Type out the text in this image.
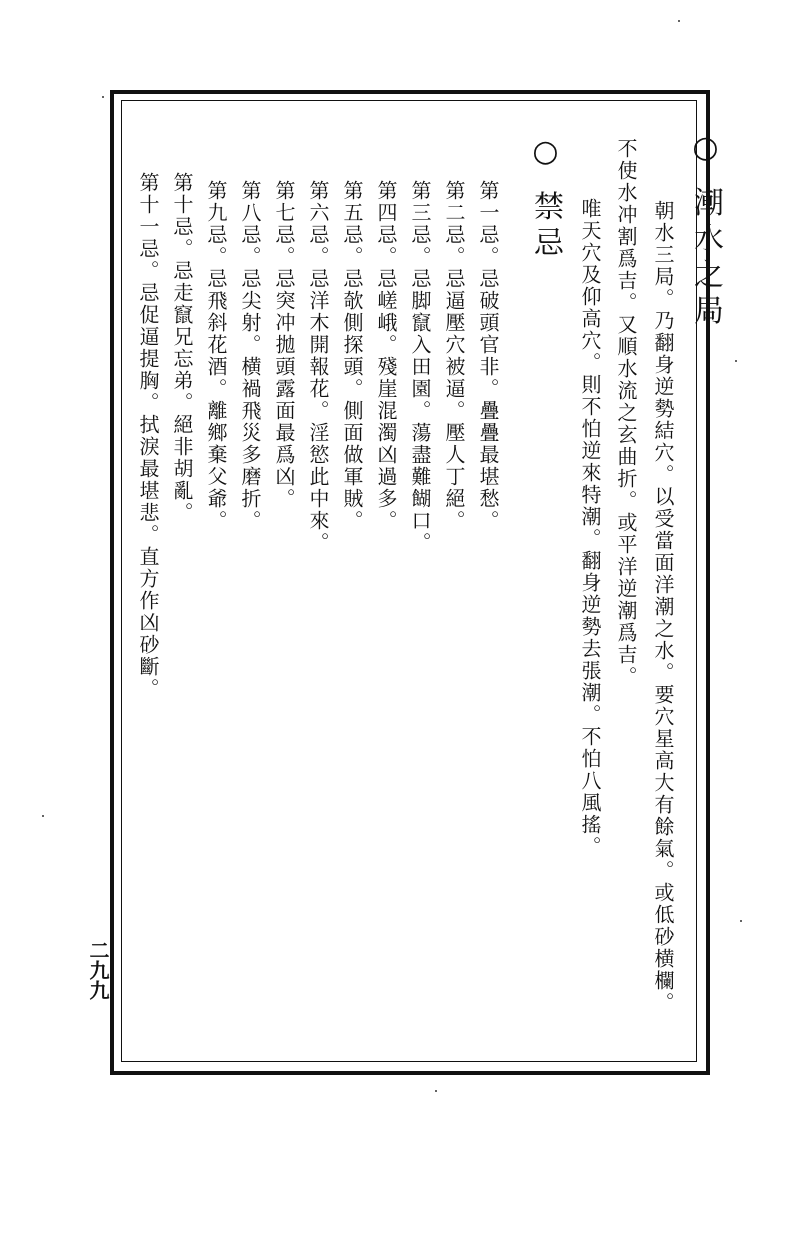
○ 潮水之局
朝水三局。乃翻身逆勢結穴。以受當面洋潮之水。要穴星高大有餘氣。或低砂横欄。
不使水冲割爲吉。又順水流之玄曲折。或平洋逆潮爲吉。
唯天穴及仰高穴。則不怕逆來特潮。翻身逆勢去張潮。不怕八風搖。
○ 禁忌
第一忌。忌破頭官非。疊疊最堪愁。
第二忌。忌逼壓穴被逼。壓人丁絕。
第三忌。忌脚竄入田園。蕩盡難餬口。
第四忌。忌嵯峨。殘崖混濁凶過多。
第五忌。忌欹側探頭。側面做軍賊。
第六忌。忌洋木開報花。淫慾此中來。
第七忌。忌突冲拋頭露面最爲凶。
第八忌。忌尖射。横禍飛災多磨折。
第九忌。忌飛斜花酒。離鄉棄父爺。
第十忌。忌走竄兄忘弟。絕非胡亂。
第十一忌。忌促逼提胸。拭淚最堪悲。直方作凶砂斷。
二九九
